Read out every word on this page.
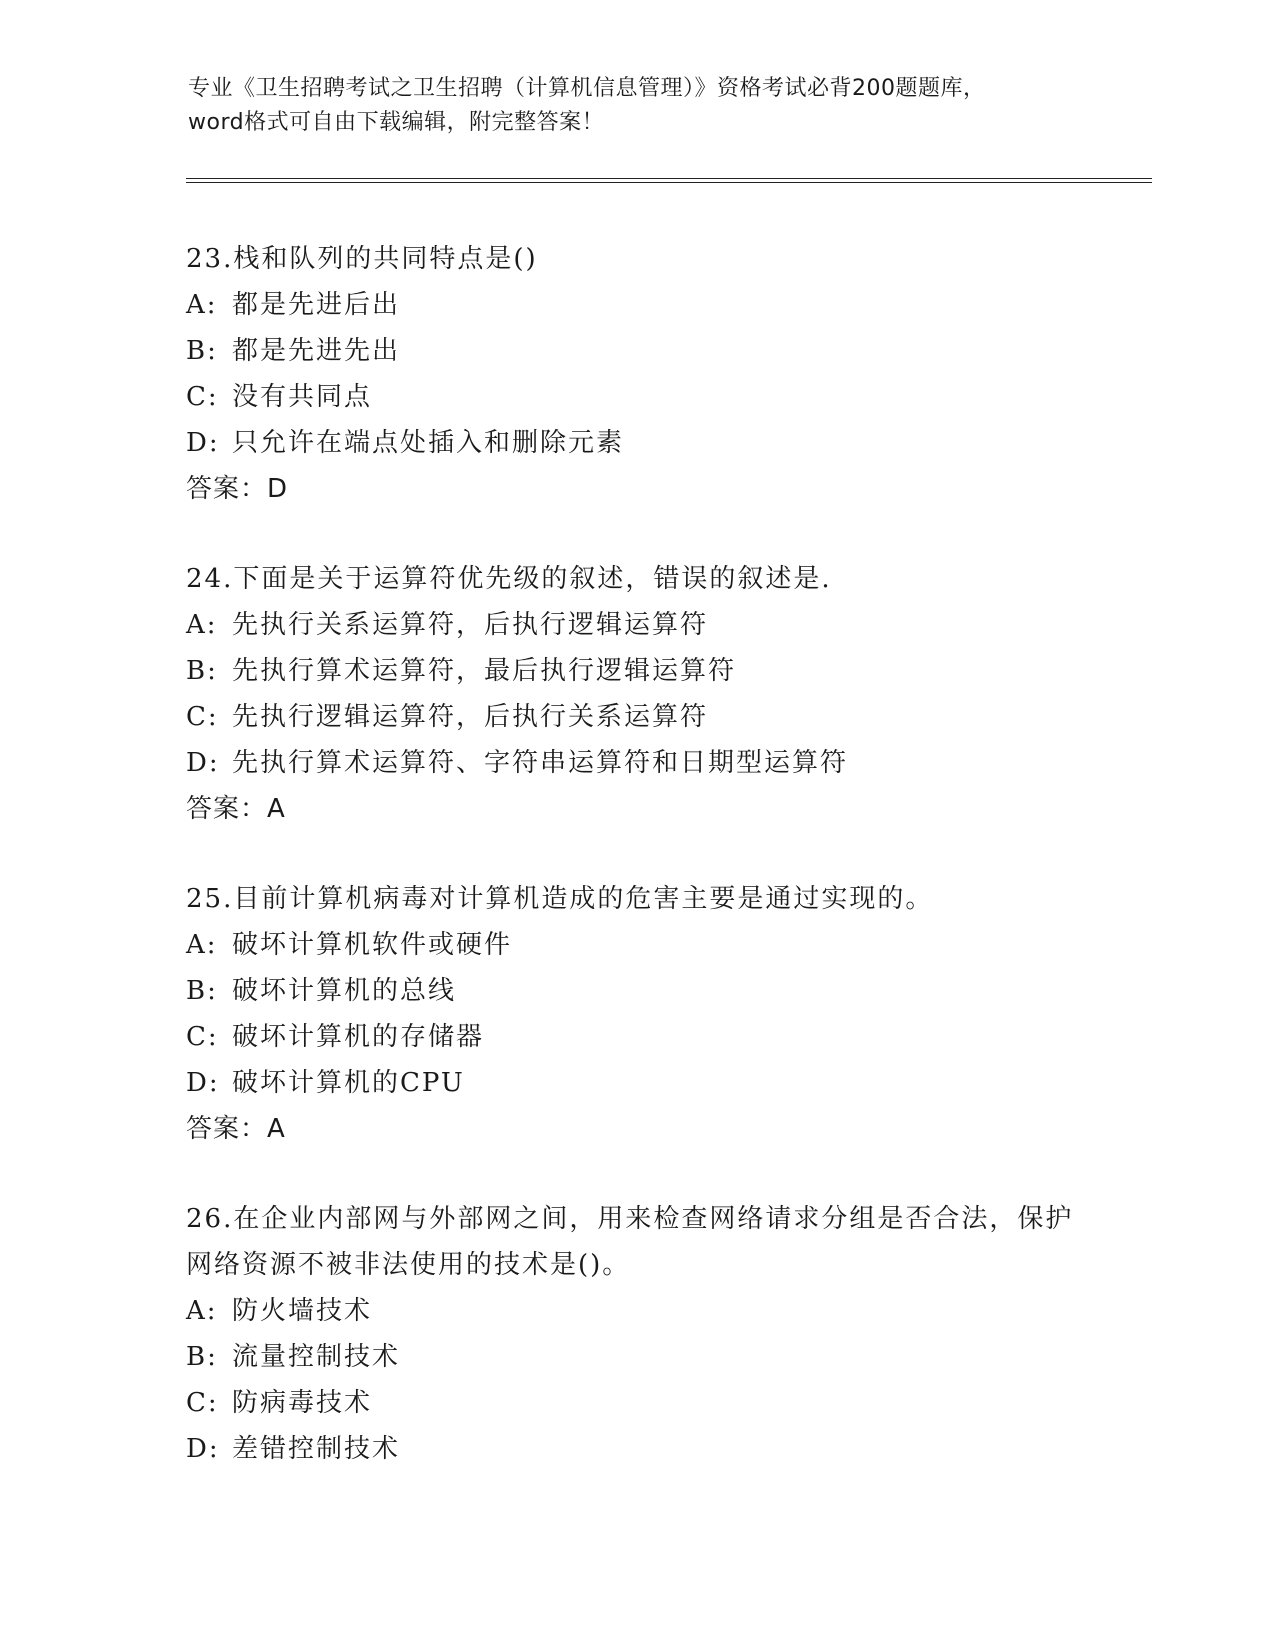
专业《卫生招聘考试之卫生招聘（计算机信息管理）》资格考试必背200题题库，
word格式可自由下载编辑，附完整答案！

23.栈和队列的共同特点是()

A: 都是先进后出

B: 都是先进先出

C: 没有共同点

D: 只允许在端点处插入和删除元素

答案：D

24.下面是关于运算符优先级的叙述，错误的叙述是.

A: 先执行关系运算符，后执行逻辑运算符

B: 先执行算术运算符，最后执行逻辑运算符

C: 先执行逻辑运算符，后执行关系运算符

D: 先执行算术运算符、字符串运算符和日期型运算符

答案：A

25.目前计算机病毒对计算机造成的危害主要是通过实现的。

A: 破坏计算机软件或硬件

B: 破坏计算机的总线

C: 破坏计算机的存储器

D: 破坏计算机的CPU

答案：A

26.在企业内部网与外部网之间，用来检查网络请求分组是否合法，保护网络资源不被非法使用的技术是()。

A: 防火墙技术

B: 流量控制技术

C: 防病毒技术

D: 差错控制技术
